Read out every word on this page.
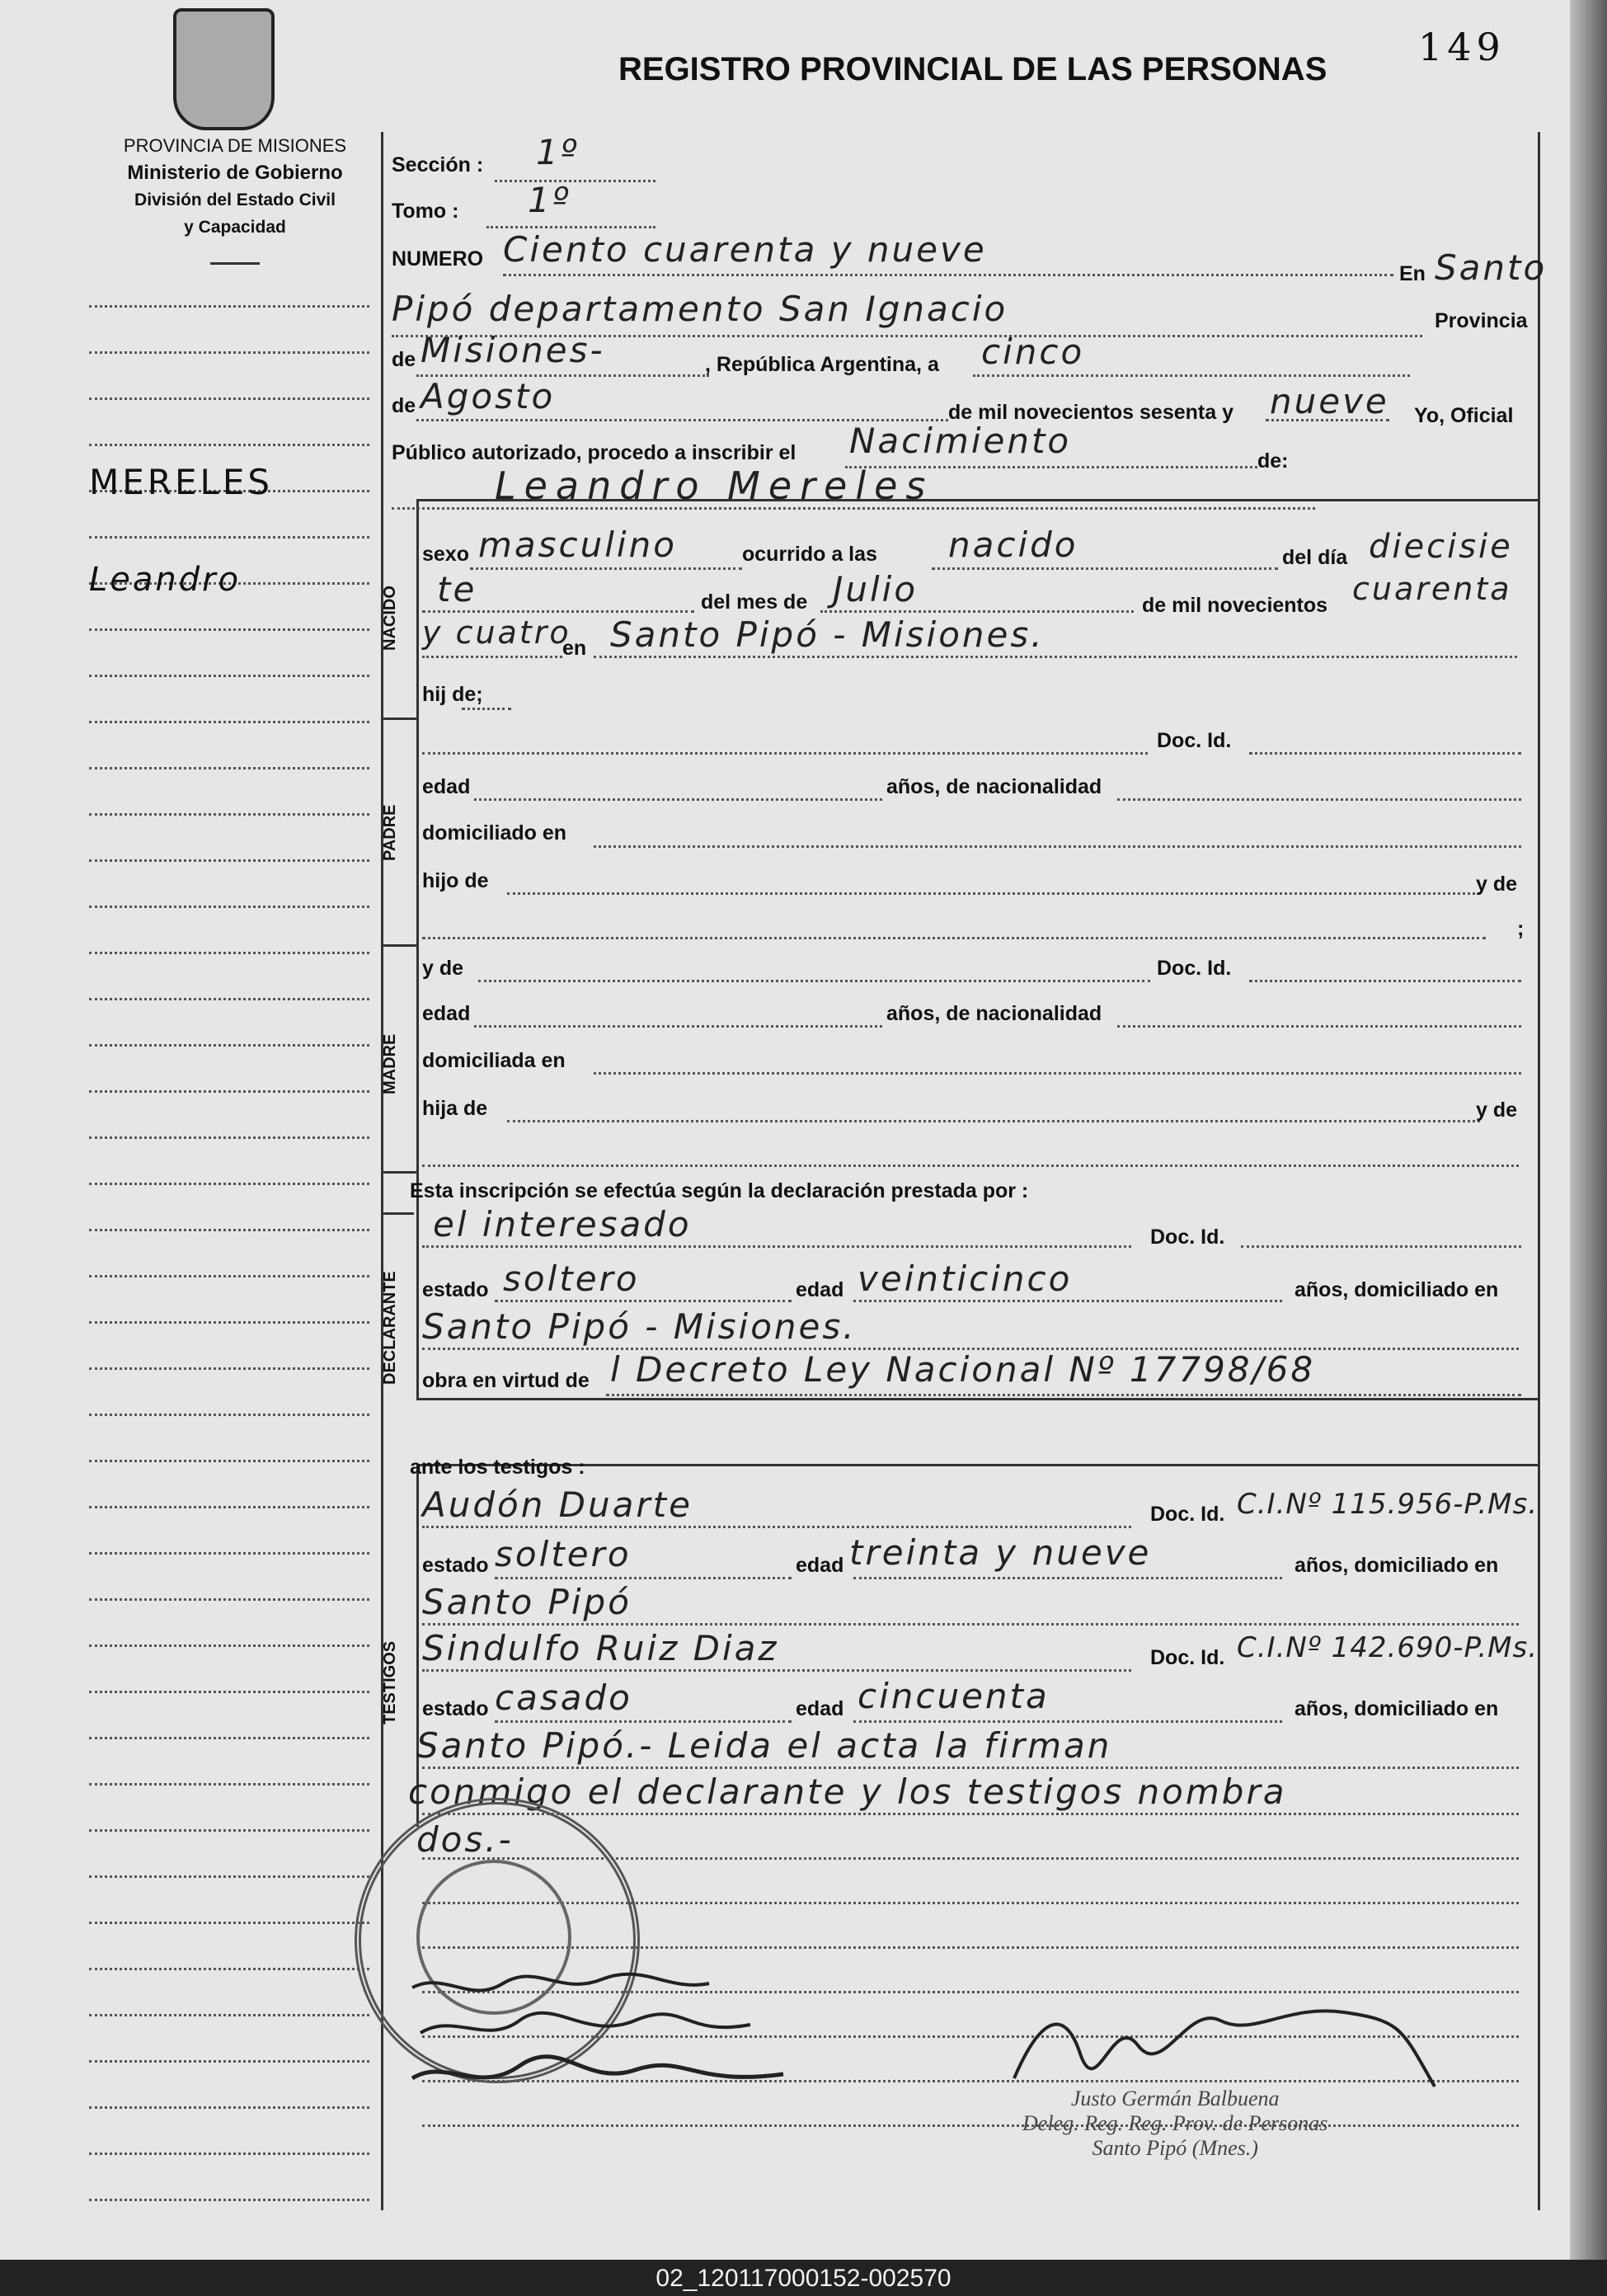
PROVINCIA DE MISIONES
Ministerio de Gobierno
División del Estado Civil
y Capacidad
REGISTRO PROVINCIAL DE LAS PERSONAS 149
MERELES
Leandro
NACIDO
PADRE
MADRE
DECLARANTE
TESTIGOS
Sección : 1º
Tomo : 1º
NUMERO Ciento cuarenta y nueve
En Santo
Pipó departamento San Ignacio	Provincia
de Misiones-	, República Argentina, a cinco
de Agosto	de mil novecientos sesenta y nueve Yo, Oficial
Público autorizado, procedo a inscribir el Nacimiento	de:
Leandro Mereles
sexo masculino	ocurrido a las nacido	del día diecisie
te	del mes de Julio	de mil novecientos cuarenta
y cuatro
en Santo Pipó - Misiones.
hij de;
Doc. Id.
edad	años, de nacionalidad
domiciliado en
hijo de	y de
;
y de	Doc. Id.
edad	años, de nacionalidad
domiciliada en
hija de	y de
Esta inscripción se efectúa según la declaración prestada por :
el interesado	Doc. Id.
estado soltero	edad veinticinco	años, domiciliado en
Santo Pipó - Misiones.
obra en virtud de l Decreto Ley Nacional Nº 17798/68
ante los testigos :
Audón Duarte	Doc. Id. C.I.Nº 115.956-P.Ms.
estado soltero	edad treinta y nueve	años, domiciliado en
Santo Pipó
Sindulfo Ruiz Diaz	Doc. Id. C.I.Nº 142.690-P.Ms.
estado casado	edad cincuenta	años, domiciliado en
Santo Pipó.- Leida el acta la firman
conmigo el declarante y los testigos nombra
dos.-
Justo Germán Balbuena
Deleg. Reg. Reg. Prov. de Personas
Santo Pipó (Mnes.)
02_120117000152-002570
